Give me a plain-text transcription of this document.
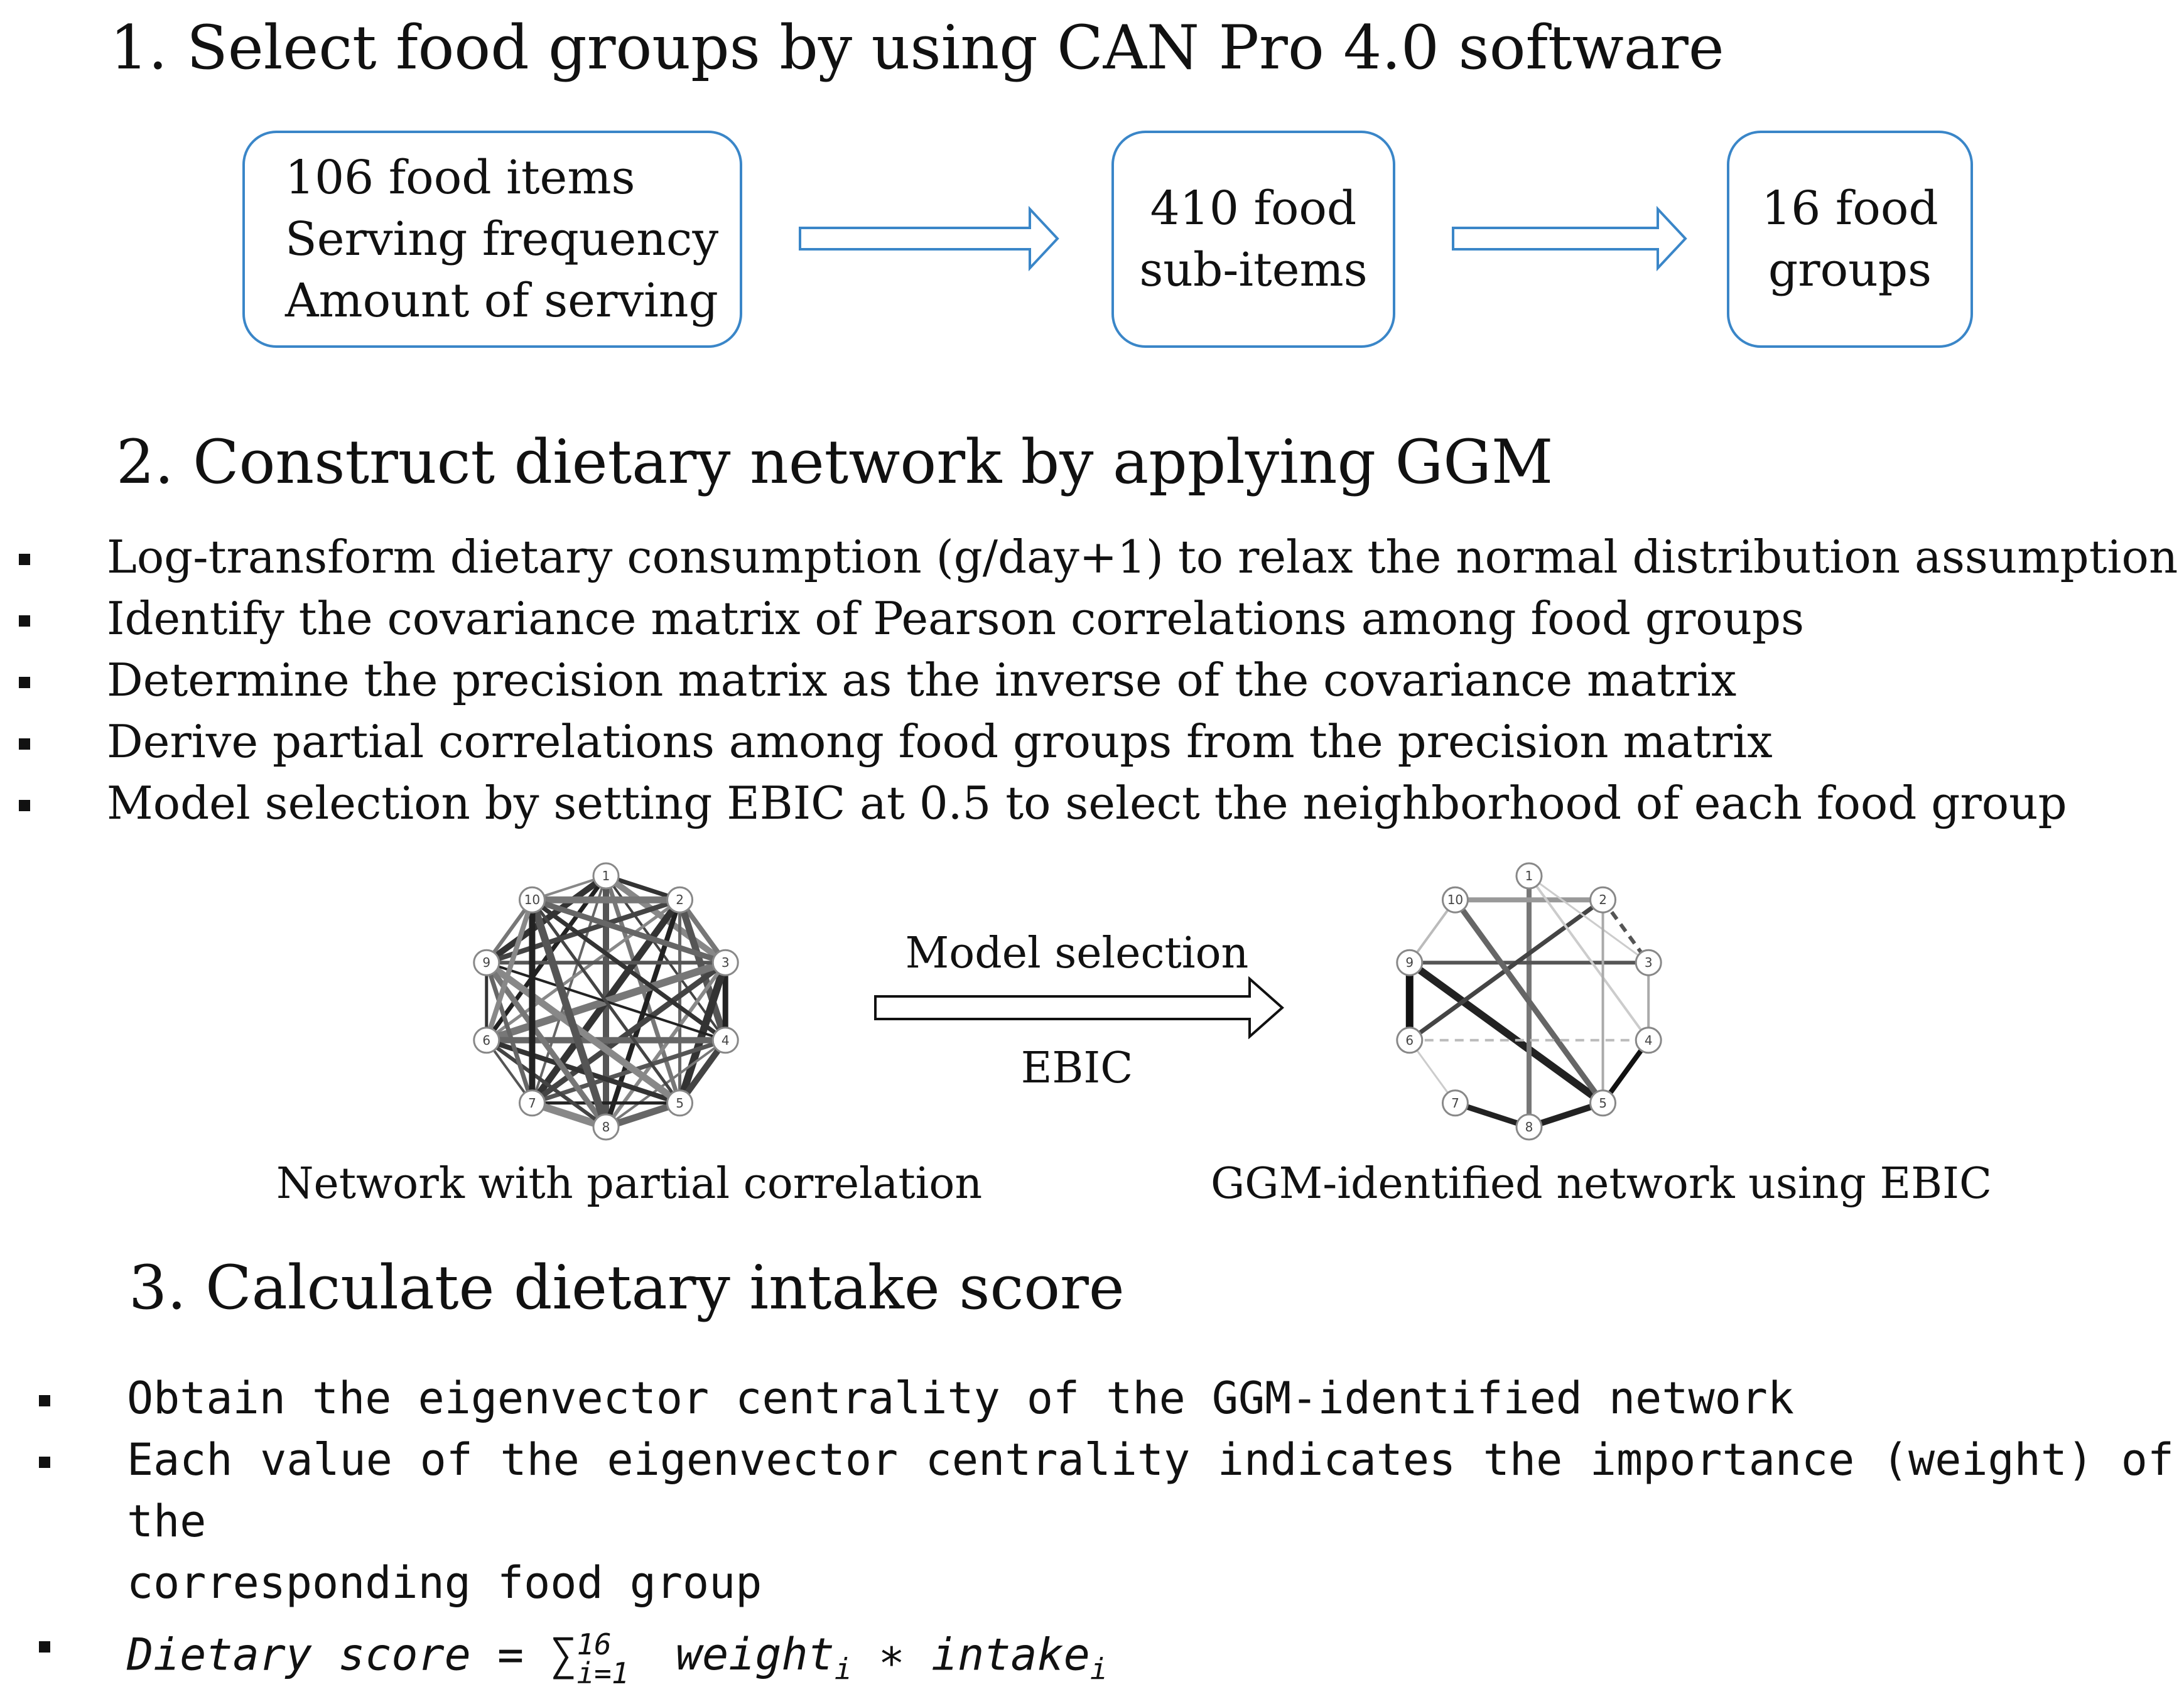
1. Select food groups by using CAN Pro 4.0 software
106 food items
Serving frequency
Amount of serving
410 food
sub-items
16 food
groups
2. Construct dietary network by applying GGM
Log-transform dietary consumption (g/day+1) to relax the normal distribution assumption
Identify the covariance matrix of Pearson correlations among food groups
Determine the precision matrix as the inverse of the covariance matrix
Derive partial correlations among food groups from the precision matrix
Model selection by setting EBIC at 0.5 to select the neighborhood of each food group
1
2
3
4
5
6
7
8
9
10
Model selection
EBIC
1
2
3
4
5
6
7
8
9
10
Network with partial correlation	GGM-identified network using EBIC
3. Calculate dietary intake score
Obtain the eigenvector centrality of the GGM-identified network
Each value of the eigenvector centrality indicates the importance (weight) of the
corresponding food group
Dietary score = ∑$^{16}$
i=1 weight$_i$ ∗ intake$_i$
